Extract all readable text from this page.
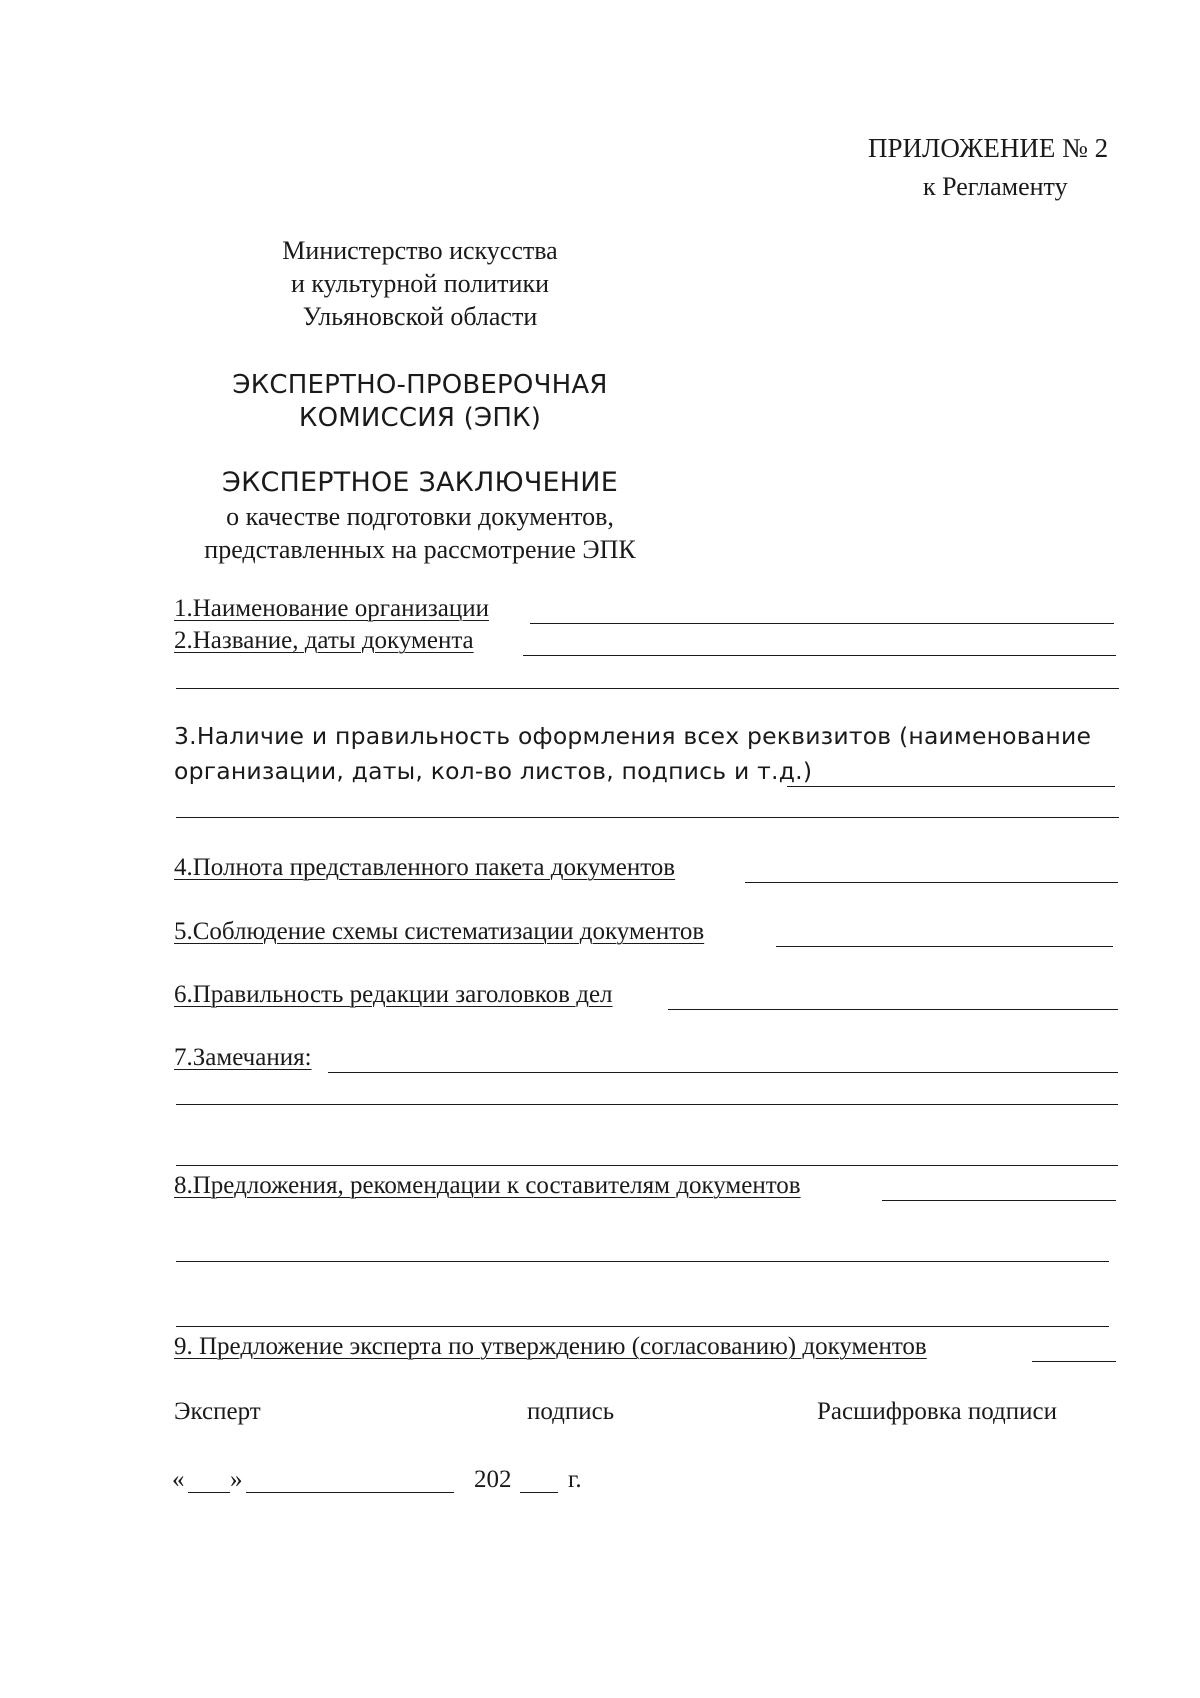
ПРИЛОЖЕНИЕ № 2
к Регламенту
Министерство искусства
и культурной политики
Ульяновской области
ЭКСПЕРТНО-ПРОВЕРОЧНАЯ
КОМИССИЯ (ЭПК)
ЭКСПЕРТНОЕ ЗАКЛЮЧЕНИЕ
о качестве подготовки документов,
представленных на рассмотрение ЭПК
1.Наименование организации
2.Название, даты документа
3.Наличие и правильность оформления всех реквизитов (наименование
организации, даты, кол-во листов, подпись и т.д.)
4.Полнота представленного пакета документов
5.Соблюдение схемы систематизации документов
6.Правильность редакции заголовков дел
7.Замечания:
8.Предложения, рекомендации к составителям документов
9. Предложение эксперта по утверждению (согласованию) документов
Эксперт	подпись	Расшифровка подписи
« »	202 г.
